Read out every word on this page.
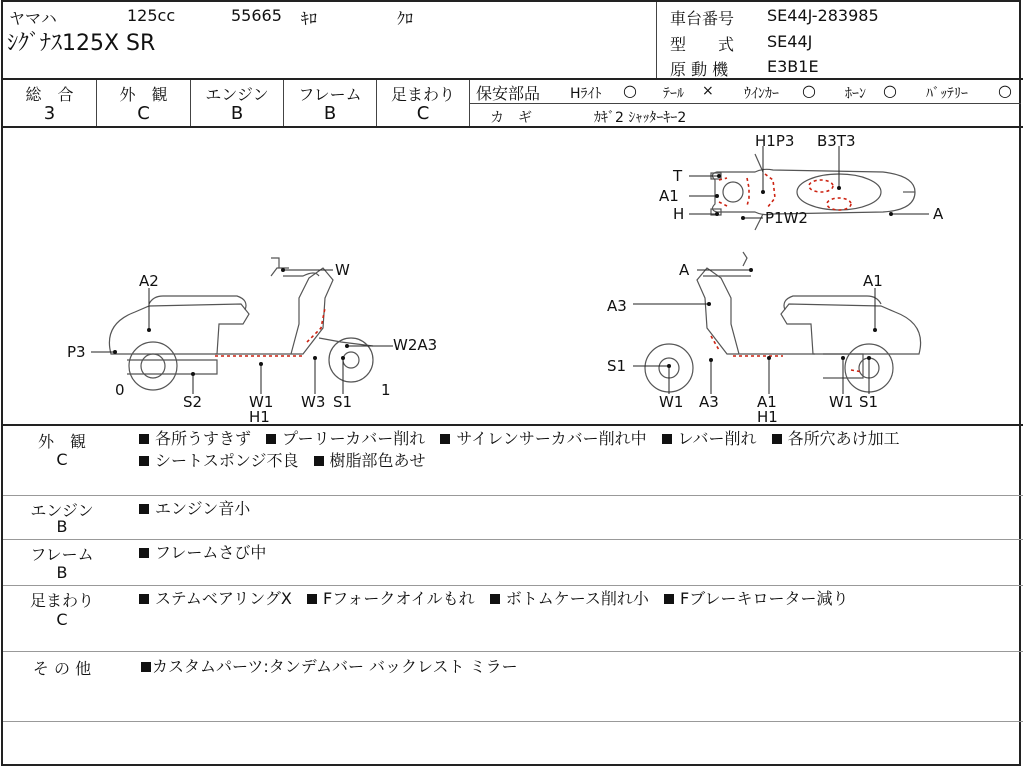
ヤマハ	125cc	55665 ｷﾛ	ｸﾛ
ｼｸﾞﾅｽ125X SR
車台番号 SE44J-283985
型　　式 SE44J
原 動 機 E3B1E
総　合
3
外　観
C
エンジン
B
フレーム
B
足まわり
C
保安部品 Hﾗｲﾄ ○ ﾃｰﾙ × ｳｲﾝｶｰ ○ ﾎｰﾝ ○ ﾊﾞｯﾃﾘｰ ○
カ　ギ	ｶｷﾞ2 ｼｬｯﾀｰｷｰ2
H1P3 B3T3
T
A1
H	P1W2	A
A2
W
P3	W2A3
0	1
S2	W1
H1
W3 S1
A
A1
A3
S1
W1 A3	A1
H1
W1 S1
外　観
C
各所うすきず プーリーカバー削れ サイレンサーカバー削れ中 レバー削れ 各所穴あけ加工
シートスポンジ不良 樹脂部色あせ
エンジン
B
エンジン音小
フレーム
B
フレームさび中
足まわり
C
ステムベアリングX Fフォークオイルもれ ボトムケース削れ小 Fブレーキローター減り
そ の 他	カスタムパーツ:タンデムバー バックレスト ミラー
